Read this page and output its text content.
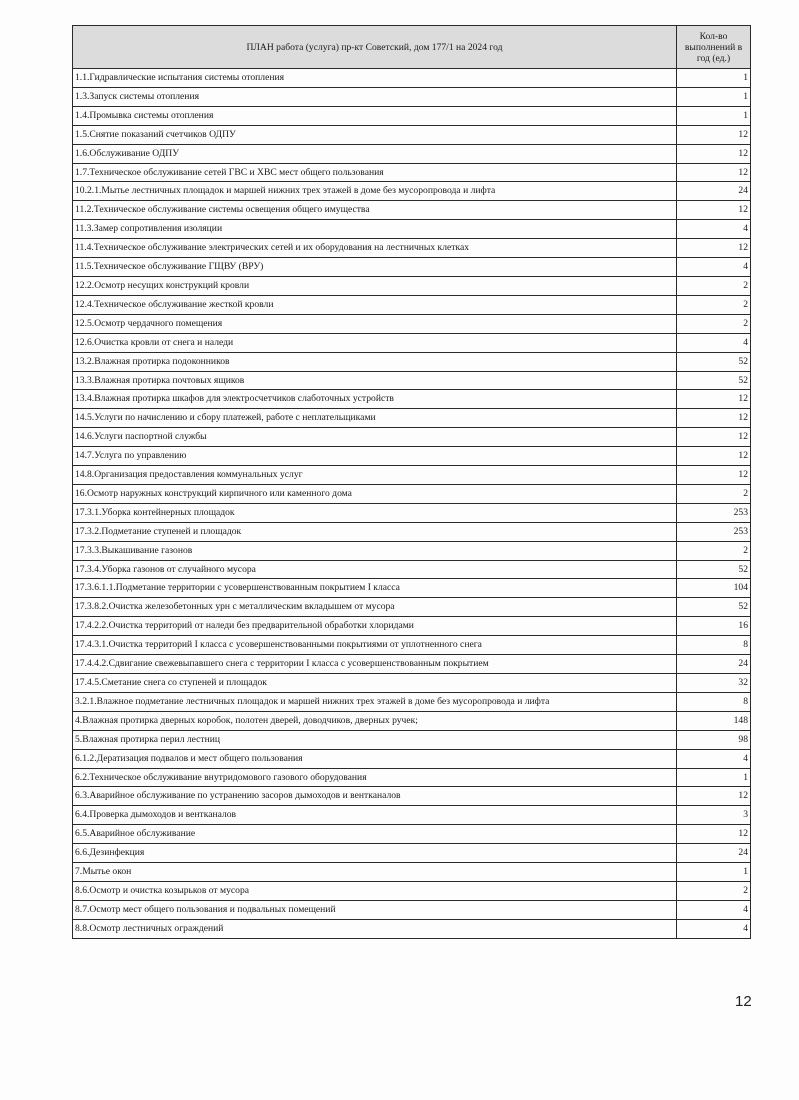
ПЛАН работа (услуга) пр-кт Советский, дом 177/1 на 2024 год	Кол-во выполнений в год (ед.)
1.1.Гидравлические испытания системы отопления	1
1.3.Запуск системы отопления	1
1.4.Промывка системы отопления	1
1.5.Снятие показаний счетчиков ОДПУ	12
1.6.Обслуживание ОДПУ	12
1.7.Техническое обслуживание сетей ГВС и ХВС мест общего пользования	12
10.2.1.Мытье лестничных площадок и маршей нижних трех этажей в доме без мусоропровода и лифта	24
11.2.Техническое обслуживание системы освещения общего имущества	12
11.3.Замер сопротивления изоляции	4
11.4.Техническое обслуживание электрических сетей и их оборудования на лестничных клетках	12
11.5.Техническое обслуживание ГЩВУ (ВРУ)	4
12.2.Осмотр несущих конструкций кровли	2
12.4.Техническое обслуживание жесткой кровли	2
12.5.Осмотр чердачного помещения	2
12.6.Очистка кровли от снега и наледи	4
13.2.Влажная протирка подоконников	52
13.3.Влажная протирка почтовых ящиков	52
13.4.Влажная протирка шкафов для электросчетчиков слаботочных устройств	12
14.5.Услуги по начислению и сбору платежей, работе с неплательщиками	12
14.6.Услуги паспортной службы	12
14.7.Услуга по управлению	12
14.8.Организация предоставления коммунальных услуг	12
16.Осмотр наружных конструкций кирпичного или каменного дома	2
17.3.1.Уборка контейнерных площадок	253
17.3.2.Подметание ступеней и площадок	253
17.3.3.Выкашивание газонов	2
17.3.4.Уборка газонов от случайного мусора	52
17.3.6.1.1.Подметание территории с усовершенствованным покрытием I класса	104
17.3.8.2.Очистка железобетонных урн с металлическим вкладышем от мусора	52
17.4.2.2.Очистка территорий от наледи без предварительной обработки хлоридами	16
17.4.3.1.Очистка территорий I класса с усовершенствованными покрытиями от уплотненного снега	8
17.4.4.2.Сдвигание свежевыпавшего снега с территории I класса с усовершенствованным покрытием	24
17.4.5.Сметание снега со ступеней и площадок	32
3.2.1.Влажное подметание лестничных площадок и маршей нижних трех этажей в доме без мусоропровода и лифта	8
4.Влажная протирка дверных коробок, полотен дверей, доводчиков, дверных ручек;	148
5.Влажная протирка перил лестниц	98
6.1.2.Дератизация подвалов и мест общего пользования	4
6.2.Техническое обслуживание внутридомового газового оборудования	1
6.3.Аварийное обслуживание по устранению засоров дымоходов и вентканалов	12
6.4.Проверка дымоходов и вентканалов	3
6.5.Аварийное обслуживание	12
6.6.Дезинфекция	24
7.Мытье окон	1
8.6.Осмотр и очистка козырьков от мусора	2
8.7.Осмотр мест общего пользования и подвальных помещений	4
8.8.Осмотр лестничных ограждений	4
12
